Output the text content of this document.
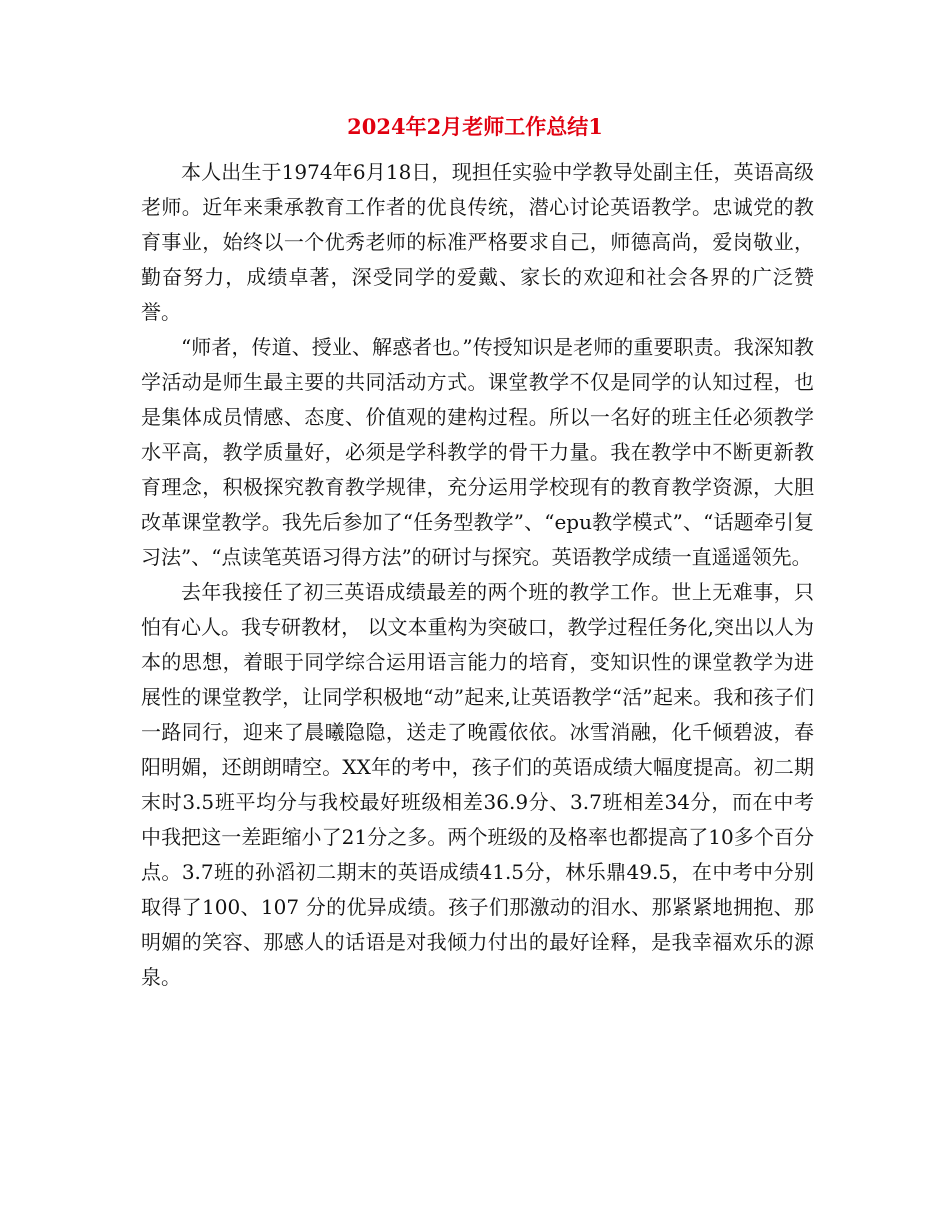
2024年2月老师工作总结1

本人出生于1974年6月18日，现担任实验中学教导处副主任，英语高级老师。近年来秉承教育工作者的优良传统，潜心讨论英语教学。忠诚党的教育事业，始终以一个优秀老师的标准严格要求自己，师德高尚，爱岗敬业，勤奋努力，成绩卓著，深受同学的爱戴、家长的欢迎和社会各界的广泛赞誉。

“师者，传道、授业、解惑者也。”传授知识是老师的重要职责。我深知教学活动是师生最主要的共同活动方式。课堂教学不仅是同学的认知过程，也是集体成员情感、态度、价值观的建构过程。所以一名好的班主任必须教学水平高，教学质量好，必须是学科教学的骨干力量。我在教学中不断更新教育理念，积极探究教育教学规律，充分运用学校现有的教育教学资源，大胆改革课堂教学。我先后参加了“任务型教学”、“epu教学模式”、“话题牵引复习法”、“点读笔英语习得方法”的研讨与探究。英语教学成绩一直遥遥领先。

去年我接任了初三英语成绩最差的两个班的教学工作。世上无难事，只怕有心人。我专研教材， 以文本重构为突破口，教学过程任务化,突出以人为本的思想，着眼于同学综合运用语言能力的培育，变知识性的课堂教学为进展性的课堂教学，让同学积极地“动”起来,让英语教学“活”起来。我和孩子们一路同行，迎来了晨曦隐隐，送走了晚霞依依。冰雪消融，化千倾碧波，春阳明媚，还朗朗晴空。XX年的考中，孩子们的英语成绩大幅度提高。初二期末时3.5班平均分与我校最好班级相差36.9分、3.7班相差34分，而在中考中我把这一差距缩小了21分之多。两个班级的及格率也都提高了10多个百分点。3.7班的孙滔初二期末的英语成绩41.5分，林乐鼎49.5，在中考中分别取得了100、107 分的优异成绩。孩子们那激动的泪水、那紧紧地拥抱、那明媚的笑容、那感人的话语是对我倾力付出的最好诠释，是我幸福欢乐的源泉。
